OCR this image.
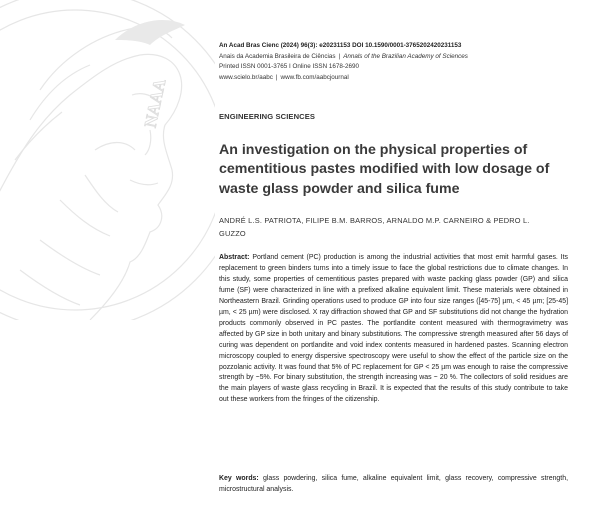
NAAA
An Acad Bras Cienc (2024) 96(3): e20231153 DOI 10.1590/0001-3765202420231153
Anais da Academia Brasileira de Ciências | Annals of the Brazilian Academy of Sciences
Printed ISSN 0001-3765 I Online ISSN 1678-2690
www.scielo.br/aabc | www.fb.com/aabcjournal
ENGINEERING SCIENCES
An investigation on the physical properties of cementitious pastes modified with low dosage of waste glass powder and silica fume
ANDRÉ L.S. PATRIOTA, FILIPE B.M. BARROS, ARNALDO M.P. CARNEIRO & PEDRO L. GUZZO

Abstract: Portland cement (PC) production is among the industrial activities that most emit harmful gases. Its replacement to green binders turns into a timely issue to face the global restrictions due to climate changes. In this study, some properties of cementitious pastes prepared with waste packing glass powder (GP) and silica fume (SF) were characterized in line with a prefixed alkaline equivalent limit. These materials were obtained in Northeastern Brazil. Grinding operations used to produce GP into four size ranges ([45-75] µm, < 45 µm; [25-45] µm, < 25 µm) were disclosed. X ray diffraction showed that GP and SF substitutions did not change the hydration products commonly observed in PC pastes. The portlandite content measured with thermogravimetry was affected by GP size in both unitary and binary substitutions. The compressive strength measured after 56 days of curing was dependent on portlandite and void index contents measured in hardened pastes. Scanning electron microscopy coupled to energy dispersive spectroscopy were useful to show the effect of the particle size on the pozzolanic activity. It was found that 5% of PC replacement for GP < 25 µm was enough to raise the compressive strength by ~5%. For binary substitution, the strength increasing was ~ 20 %. The collectors of solid residues are the main players of waste glass recycling in Brazil. It is expected that the results of this study contribute to take out these workers from the fringes of the citizenship.

Key words: glass powdering, silica fume, alkaline equivalent limit, glass recovery, compressive strength, microstructural analysis.
